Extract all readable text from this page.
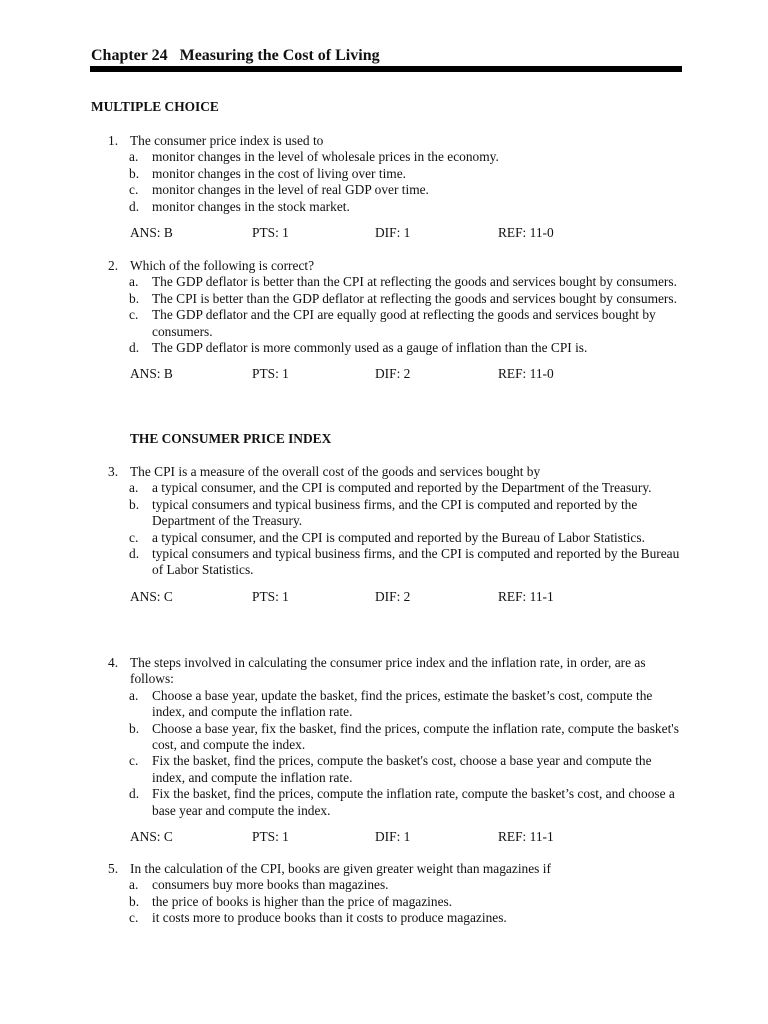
Chapter 24 Measuring the Cost of Living
MULTIPLE CHOICE
1. The consumer price index is used to
a. monitor changes in the level of wholesale prices in the economy.
b. monitor changes in the cost of living over time.
c. monitor changes in the level of real GDP over time.
d. monitor changes in the stock market.
ANS: B	PTS: 1	DIF: 1	REF: 11-0
2. Which of the following is correct?
a. The GDP deflator is better than the CPI at reflecting the goods and services bought by consumers.
b. The CPI is better than the GDP deflator at reflecting the goods and services bought by consumers.
c. The GDP deflator and the CPI are equally good at reflecting the goods and services bought by consumers.
d. The GDP deflator is more commonly used as a gauge of inflation than the CPI is.
ANS: B	PTS: 1	DIF: 2	REF: 11-0
THE CONSUMER PRICE INDEX
3. The CPI is a measure of the overall cost of the goods and services bought by
a. a typical consumer, and the CPI is computed and reported by the Department of the Treasury.
b. typical consumers and typical business firms, and the CPI is computed and reported by the Department of the Treasury.
c. a typical consumer, and the CPI is computed and reported by the Bureau of Labor Statistics.
d. typical consumers and typical business firms, and the CPI is computed and reported by the Bureau of Labor Statistics.
ANS: C	PTS: 1	DIF: 2	REF: 11-1
4. The steps involved in calculating the consumer price index and the inflation rate, in order, are as follows:
a. Choose a base year, update the basket, find the prices, estimate the basket’s cost, compute the index, and compute the inflation rate.
b. Choose a base year, fix the basket, find the prices, compute the inflation rate, compute the basket's cost, and compute the index.
c. Fix the basket, find the prices, compute the basket's cost, choose a base year and compute the index, and compute the inflation rate.
d. Fix the basket, find the prices, compute the inflation rate, compute the basket’s cost, and choose a base year and compute the index.
ANS: C	PTS: 1	DIF: 1	REF: 11-1
5. In the calculation of the CPI, books are given greater weight than magazines if
a. consumers buy more books than magazines.
b. the price of books is higher than the price of magazines.
c. it costs more to produce books than it costs to produce magazines.
